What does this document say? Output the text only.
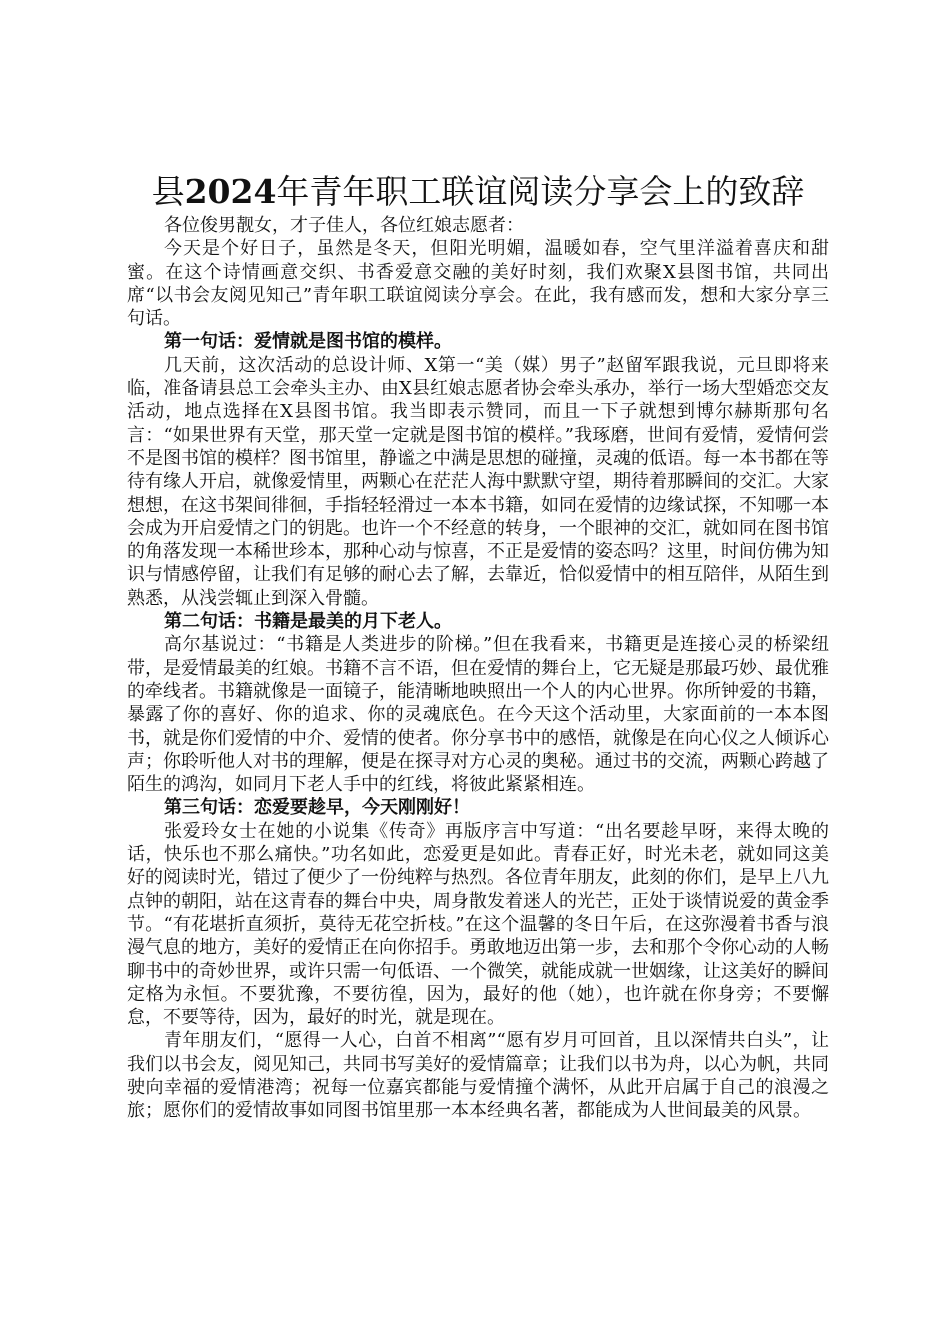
县2024年青年职工联谊阅读分享会上的致辞

各位俊男靓女，才子佳人，各位红娘志愿者：

今天是个好日子，虽然是冬天，但阳光明媚，温暖如春，空气里洋溢着喜庆和甜蜜。在这个诗情画意交织、书香爱意交融的美好时刻，我们欢聚X县图书馆，共同出席“以书会友阅见知己”青年职工联谊阅读分享会。在此，我有感而发，想和大家分享三句话。

第一句话：爱情就是图书馆的模样。

几天前，这次活动的总设计师、X第一“美（媒）男子”赵留军跟我说，元旦即将来临，准备请县总工会牵头主办、由X县红娘志愿者协会牵头承办，举行一场大型婚恋交友活动，地点选择在X县图书馆。我当即表示赞同，而且一下子就想到博尔赫斯那句名言：“如果世界有天堂，那天堂一定就是图书馆的模样。”我琢磨，世间有爱情，爱情何尝不是图书馆的模样？图书馆里，静谧之中满是思想的碰撞，灵魂的低语。每一本书都在等待有缘人开启，就像爱情里，两颗心在茫茫人海中默默守望，期待着那瞬间的交汇。大家想想，在这书架间徘徊，手指轻轻滑过一本本书籍，如同在爱情的边缘试探，不知哪一本会成为开启爱情之门的钥匙。也许一个不经意的转身，一个眼神的交汇，就如同在图书馆的角落发现一本稀世珍本，那种心动与惊喜，不正是爱情的姿态吗？这里，时间仿佛为知识与情感停留，让我们有足够的耐心去了解，去靠近，恰似爱情中的相互陪伴，从陌生到熟悉，从浅尝辄止到深入骨髓。

第二句话：书籍是最美的月下老人。

高尔基说过：“书籍是人类进步的阶梯。”但在我看来，书籍更是连接心灵的桥梁纽带，是爱情最美的红娘。书籍不言不语，但在爱情的舞台上，它无疑是那最巧妙、最优雅的牵线者。书籍就像是一面镜子，能清晰地映照出一个人的内心世界。你所钟爱的书籍，暴露了你的喜好、你的追求、你的灵魂底色。在今天这个活动里，大家面前的一本本图书，就是你们爱情的中介、爱情的使者。你分享书中的感悟，就像是在向心仪之人倾诉心声；你聆听他人对书的理解，便是在探寻对方心灵的奥秘。通过书的交流，两颗心跨越了陌生的鸿沟，如同月下老人手中的红线，将彼此紧紧相连。

第三句话：恋爱要趁早，今天刚刚好！

张爱玲女士在她的小说集《传奇》再版序言中写道：“出名要趁早呀，来得太晚的话，快乐也不那么痛快。”功名如此，恋爱更是如此。青春正好，时光未老，就如同这美好的阅读时光，错过了便少了一份纯粹与热烈。各位青年朋友，此刻的你们，是早上八九点钟的朝阳，站在这青春的舞台中央，周身散发着迷人的光芒，正处于谈情说爱的黄金季节。“有花堪折直须折，莫待无花空折枝。”在这个温馨的冬日午后，在这弥漫着书香与浪漫气息的地方，美好的爱情正在向你招手。勇敢地迈出第一步，去和那个令你心动的人畅聊书中的奇妙世界，或许只需一句低语、一个微笑，就能成就一世姻缘，让这美好的瞬间定格为永恒。不要犹豫，不要彷徨，因为，最好的他（她），也许就在你身旁；不要懈怠，不要等待，因为，最好的时光，就是现在。

青年朋友们，“愿得一人心，白首不相离”“愿有岁月可回首，且以深情共白头”，让我们以书会友，阅见知己，共同书写美好的爱情篇章；让我们以书为舟，以心为帆，共同驶向幸福的爱情港湾；祝每一位嘉宾都能与爱情撞个满怀，从此开启属于自己的浪漫之旅；愿你们的爱情故事如同图书馆里那一本本经典名著，都能成为人世间最美的风景。
